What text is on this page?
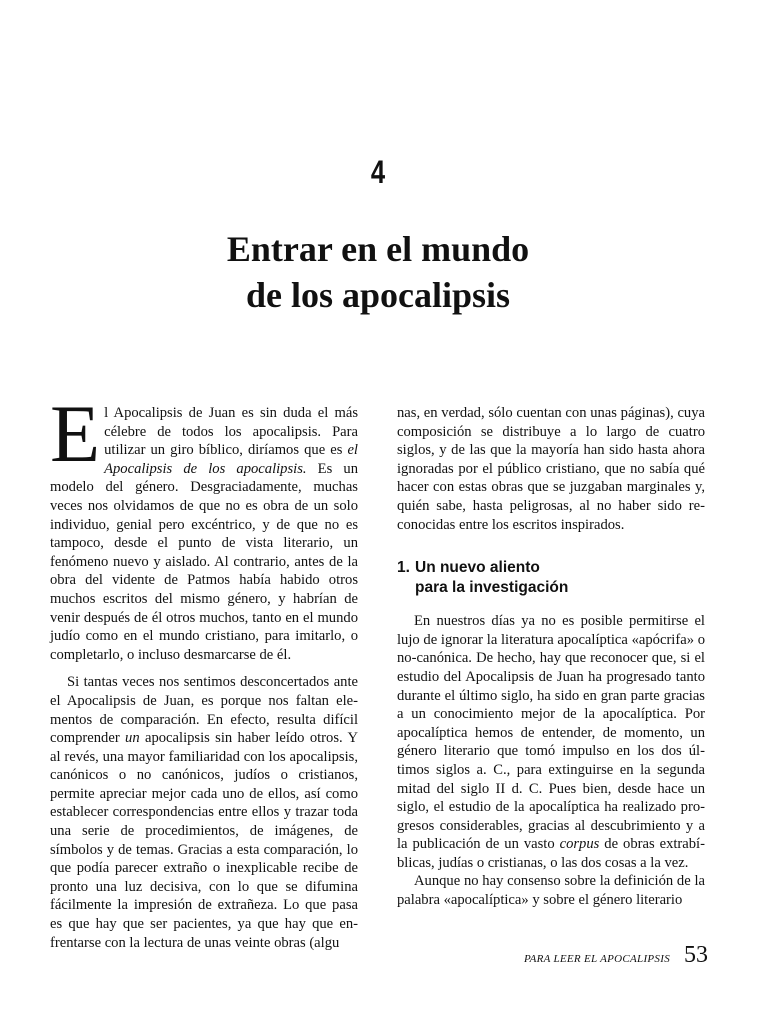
4
Entrar en el mundo
de los apocalipsis

El Apocalipsis de Juan es sin duda el más célebre de todos los apocalipsis. Para utilizar un giro bíblico, diríamos que es el Apocalipsis de los apocalipsis. Es un modelo del género. Desgraciadamente, muchas veces nos olvidamos de que no es obra de un solo individuo, genial pero excéntrico, y de que no es tampoco, desde el punto de vista literario, un fenómeno nuevo y aislado. Al contrario, antes de la obra del vidente de Patmos había habido otros muchos escritos del mismo género, y habrían de venir después de él otros muchos, tanto en el mundo judío como en el mundo cristiano, para imitarlo, o completarlo, o incluso desmarcarse de él.

Si tantas veces nos sentimos desconcertados ante el Apocalipsis de Juan, es porque nos faltan elementos de comparación. En efecto, resulta difícil comprender un apocalipsis sin haber leído otros. Y al revés, una mayor familiaridad con los apocalipsis, canónicos o no canónicos, judíos o cristianos, permite apreciar mejor cada uno de ellos, así como establecer correspondencias entre ellos y trazar toda una serie de procedimientos, de imágenes, de símbolos y de temas. Gracias a esta comparación, lo que podía parecer extraño o inexplicable recibe de pronto una luz decisiva, con lo que se difumina fácilmente la impresión de extrañeza. Lo que pasa es que hay que ser pacientes, ya que hay que enfrentarse con la lectura de unas veinte obras (algu

nas, en verdad, sólo cuentan con unas páginas), cuya composición se distribuye a lo largo de cuatro siglos, y de las que la mayoría han sido hasta ahora ignoradas por el público cristiano, que no sabía qué hacer con estas obras que se juzgaban marginales y, quién sabe, hasta peligrosas, al no haber sido reconocidas entre los escritos inspirados.

1. Un nuevo aliento
para la investigación

En nuestros días ya no es posible permitirse el lujo de ignorar la literatura apocalíptica «apócrifa» o no-canónica. De hecho, hay que reconocer que, si el estudio del Apocalipsis de Juan ha progresado tanto durante el último siglo, ha sido en gran parte gracias a un conocimiento mejor de la apocalíptica. Por apocalíptica hemos de entender, de momento, un género literario que tomó impulso en los dos últimos siglos a. C., para extinguirse en la segunda mitad del siglo II d. C. Pues bien, desde hace un siglo, el estudio de la apocalíptica ha realizado progresos considerables, gracias al descubrimiento y a la publicación de un vasto corpus de obras extrabíblicas, judías o cristianas, o las dos cosas a la vez.

Aunque no hay consenso sobre la definición de la palabra «apocalíptica» y sobre el género literario

PARA LEER EL APOCALIPSIS 53
